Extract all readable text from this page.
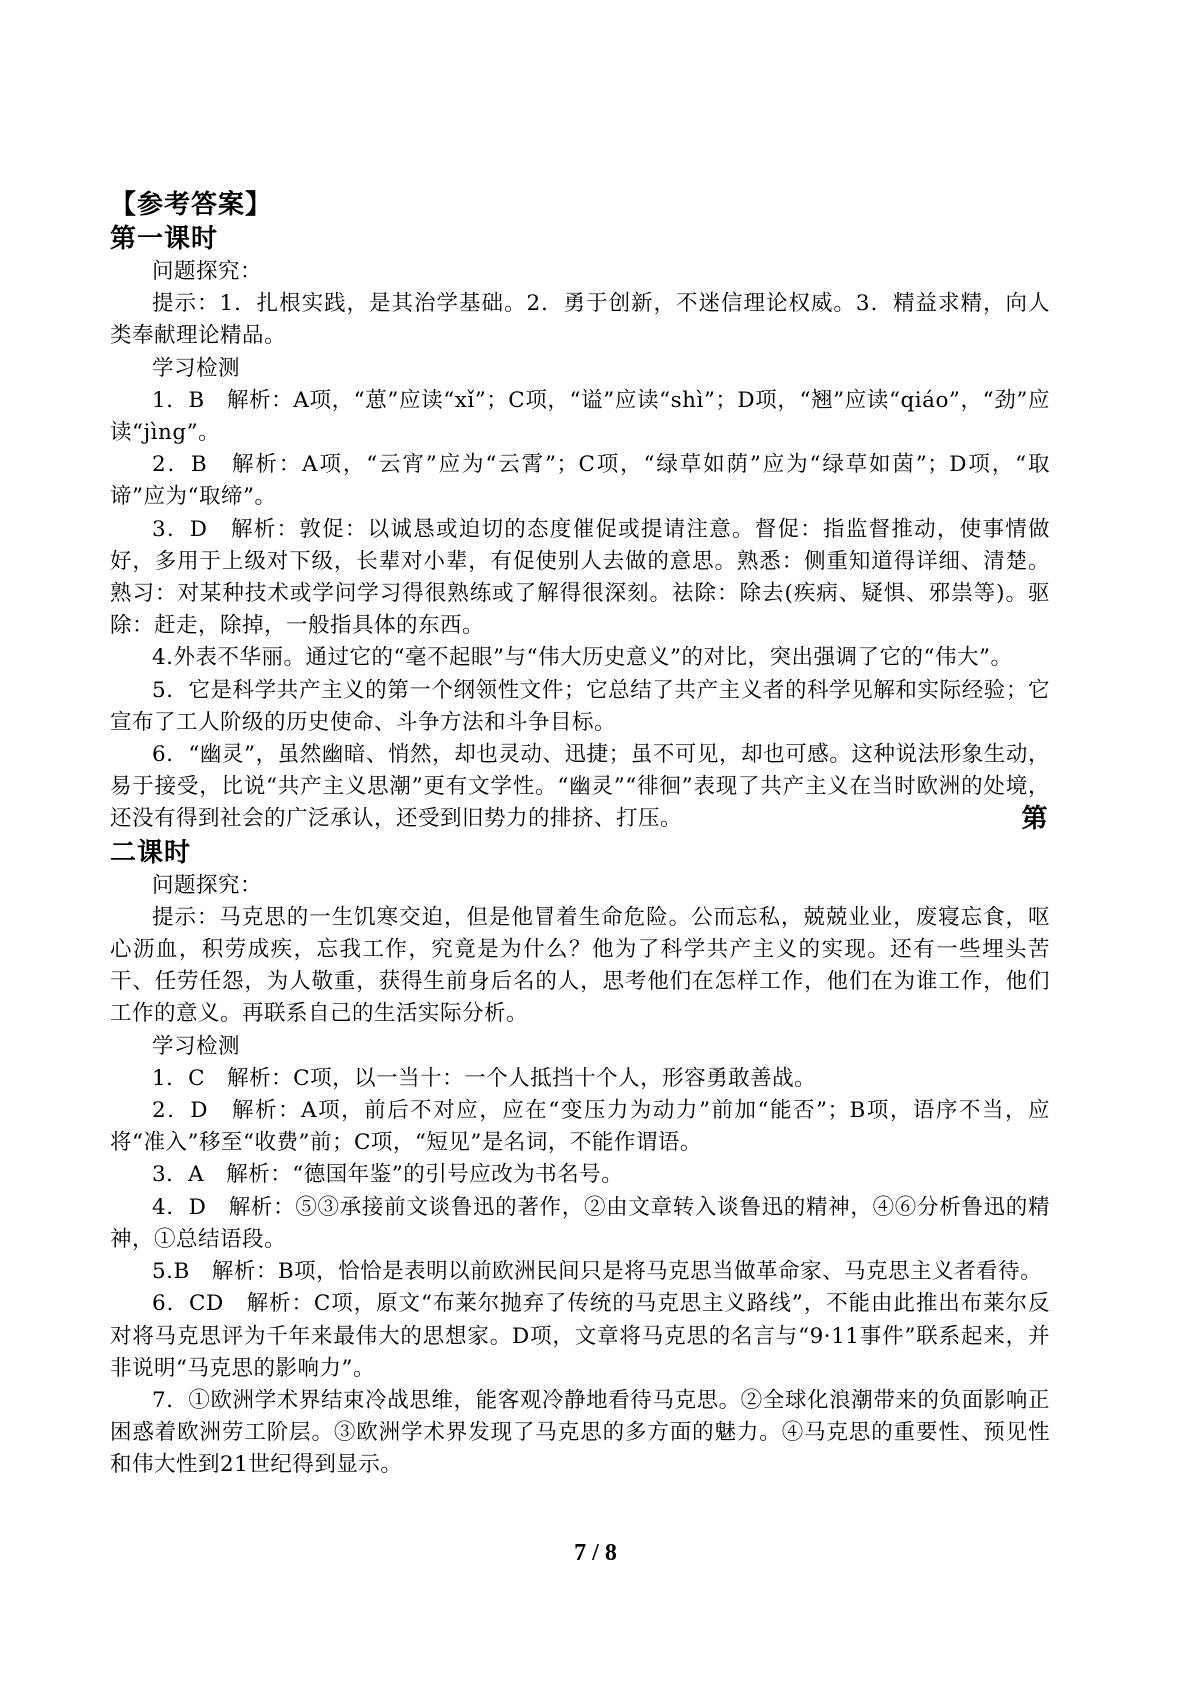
【参考答案】

第一课时

问题探究：

提示：1．扎根实践，是其治学基础。2．勇于创新，不迷信理论权威。3．精益求精，向人类奉献理论精品。

学习检测

1．B　解析：A项，“葸”应读“xǐ”；C项，“谥”应读“shì”；D项，“翘”应读“qiáo”，“劲”应读“jìng”。

2．B　解析：A项，“云宵”应为“云霄”；C项，“绿草如荫”应为“绿草如茵”；D项，“取谛”应为“取缔”。

3．D　解析：敦促：以诚恳或迫切的态度催促或提请注意。督促：指监督推动，使事情做好，多用于上级对下级，长辈对小辈，有促使别人去做的意思。熟悉：侧重知道得详细、清楚。熟习：对某种技术或学问学习得很熟练或了解得很深刻。祛除：除去(疾病、疑惧、邪祟等)。驱除：赶走，除掉，一般指具体的东西。

4.外表不华丽。通过它的“毫不起眼”与“伟大历史意义”的对比，突出强调了它的“伟大”。

5．它是科学共产主义的第一个纲领性文件；它总结了共产主义者的科学见解和实际经验；它宣布了工人阶级的历史使命、斗争方法和斗争目标。

6．“幽灵”，虽然幽暗、悄然，却也灵动、迅捷；虽不可见，却也可感。这种说法形象生动，易于接受，比说“共产主义思潮”更有文学性。“幽灵”“徘徊”表现了共产主义在当时欧洲的处境，还没有得到社会的广泛承认，还受到旧势力的排挤、打压。	第

二课时

问题探究：

提示：马克思的一生饥寒交迫，但是他冒着生命危险。公而忘私，兢兢业业，废寝忘食，呕心沥血，积劳成疾，忘我工作，究竟是为什么？他为了科学共产主义的实现。还有一些埋头苦干、任劳任怨，为人敬重，获得生前身后名的人，思考他们在怎样工作，他们在为谁工作，他们工作的意义。再联系自己的生活实际分析。

学习检测

1．C　解析：C项，以一当十：一个人抵挡十个人，形容勇敢善战。

2．D　解析：A项，前后不对应，应在“变压力为动力”前加“能否”；B项，语序不当，应将“准入”移至“收费”前；C项，“短见”是名词，不能作谓语。

3．A　解析：“德国年鉴”的引号应改为书名号。

4．D　解析：⑤③承接前文谈鲁迅的著作，②由文章转入谈鲁迅的精神，④⑥分析鲁迅的精神，①总结语段。

5.B　解析：B项，恰恰是表明以前欧洲民间只是将马克思当做革命家、马克思主义者看待。

6．CD　解析：C项，原文“布莱尔抛弃了传统的马克思主义路线”，不能由此推出布莱尔反对将马克思评为千年来最伟大的思想家。D项，文章将马克思的名言与“9·11事件”联系起来，并非说明“马克思的影响力”。

7．①欧洲学术界结束冷战思维，能客观冷静地看待马克思。②全球化浪潮带来的负面影响正困惑着欧洲劳工阶层。③欧洲学术界发现了马克思的多方面的魅力。④马克思的重要性、预见性和伟大性到21世纪得到显示。

7 / 8
